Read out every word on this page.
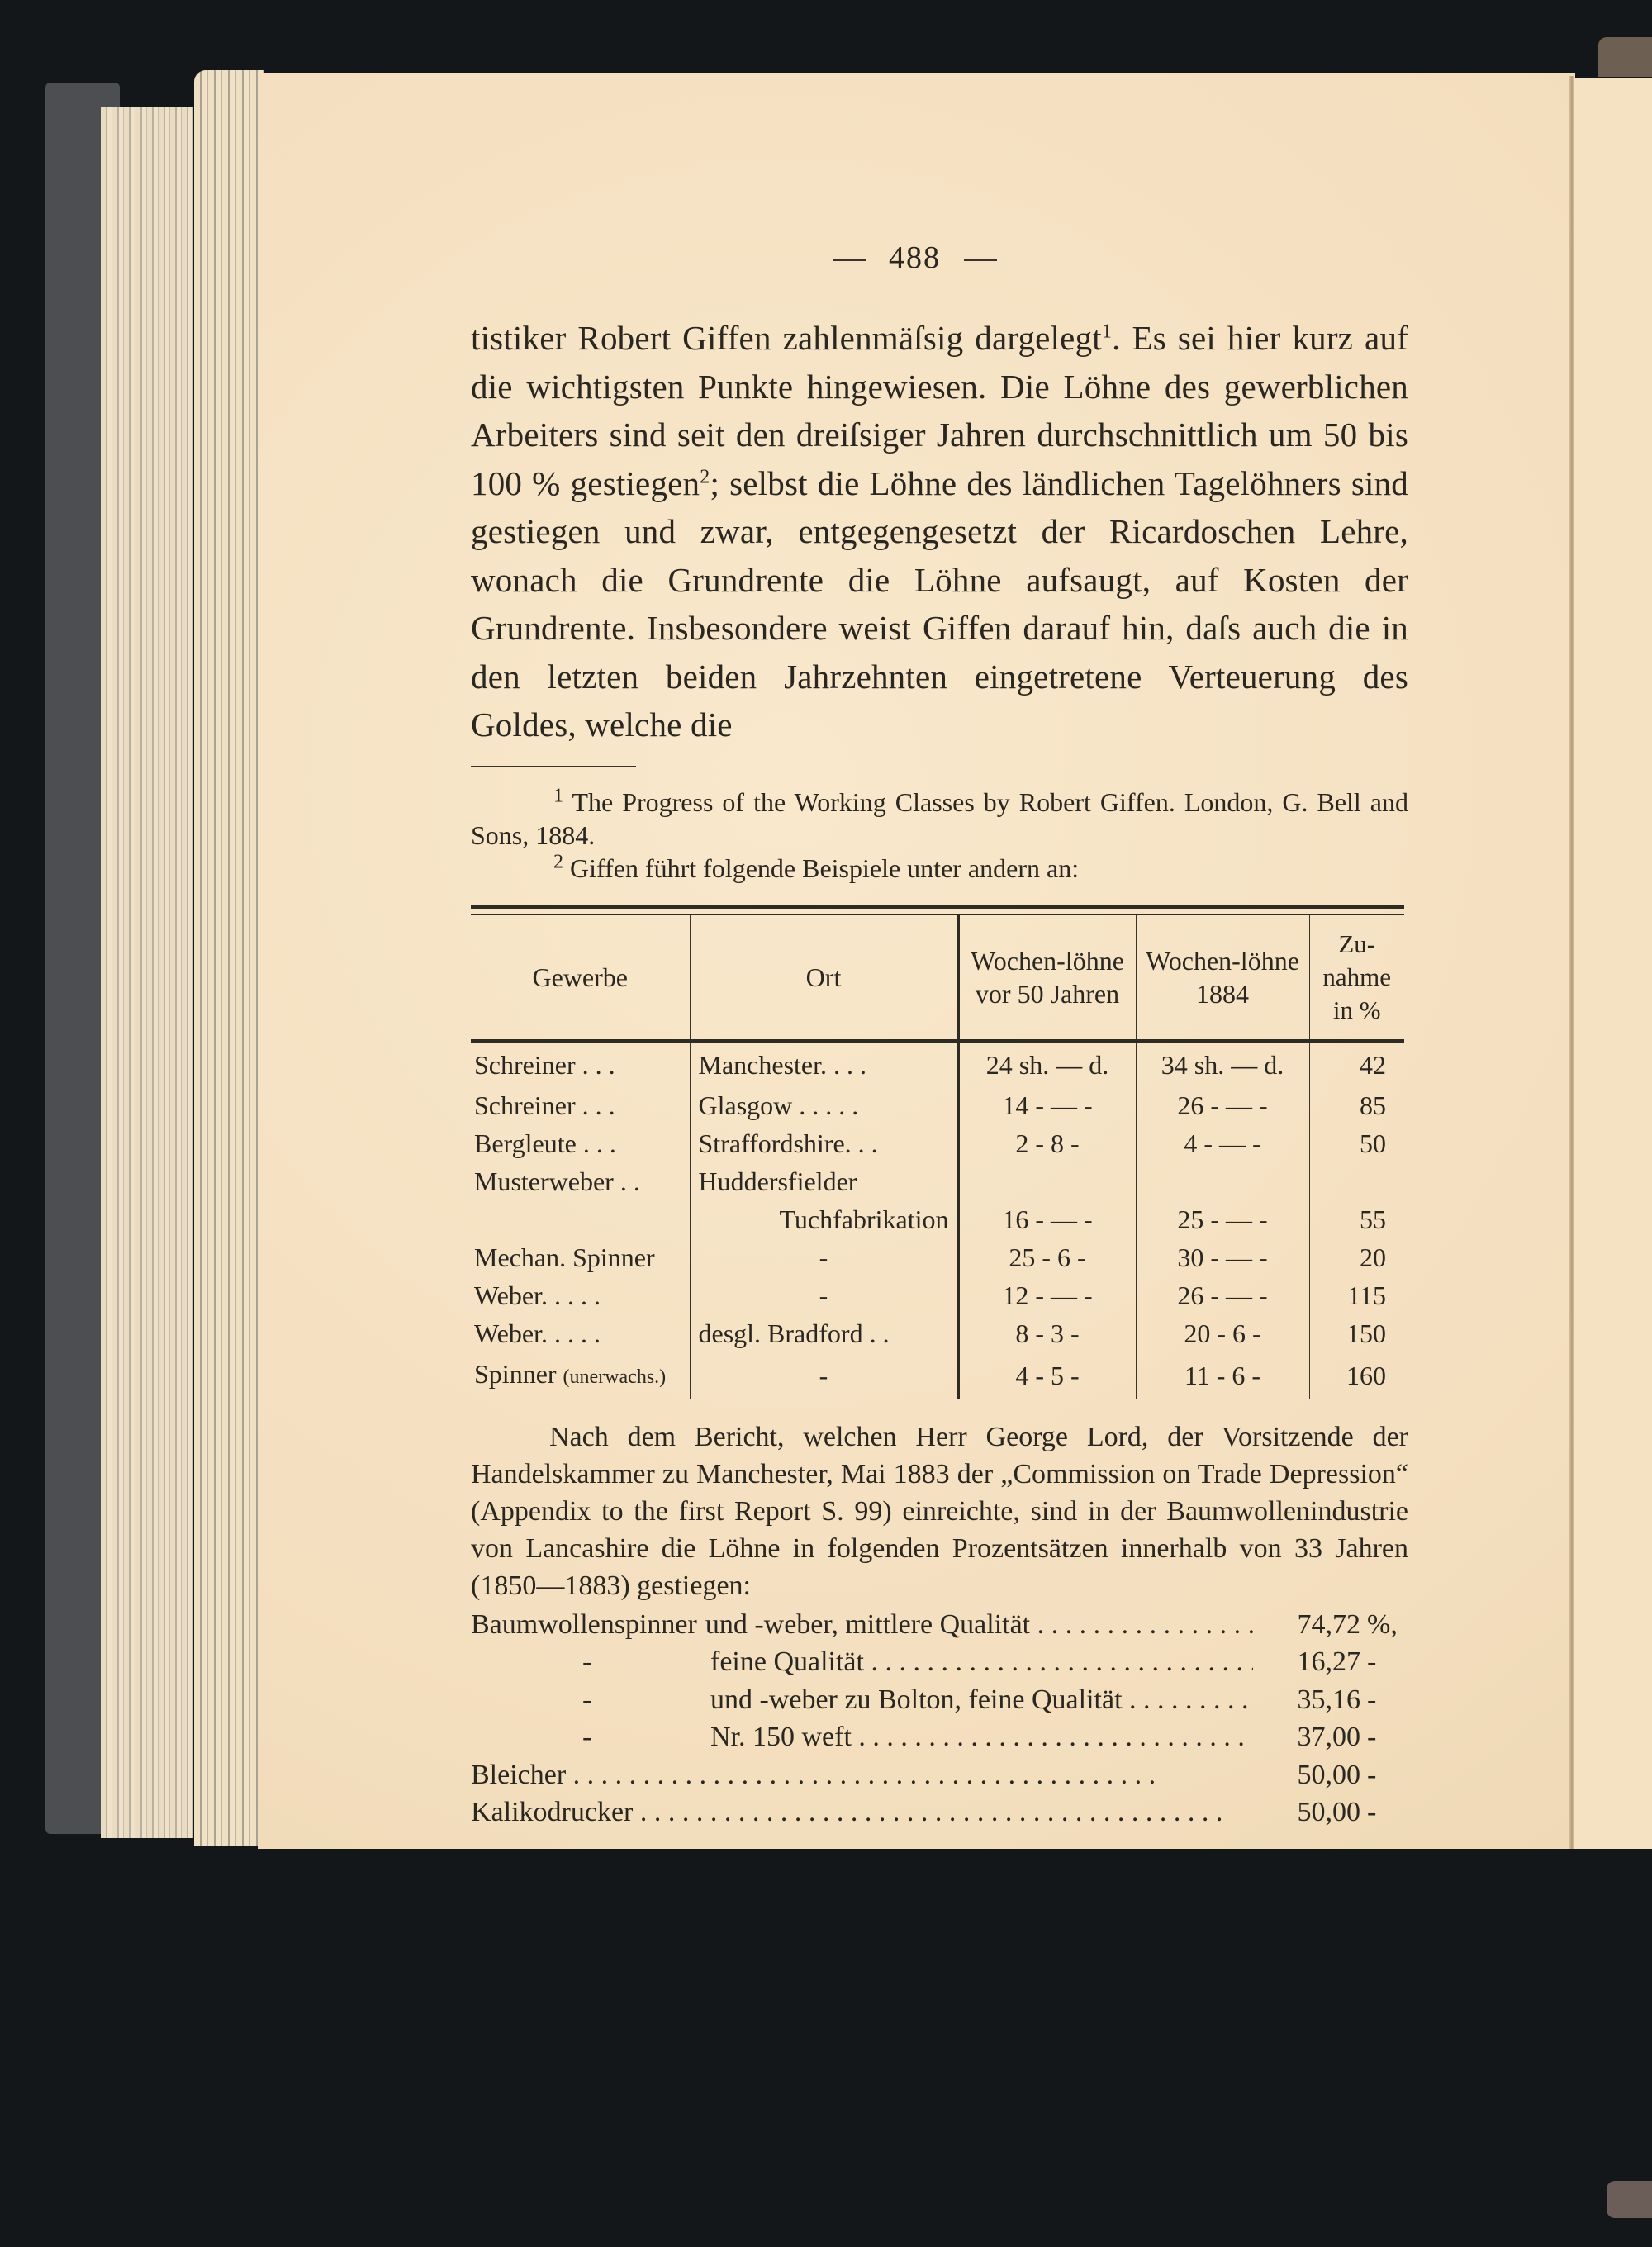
488

tistiker Robert Giffen zahlenmäſsig dargelegt$^1$. Es sei hier kurz auf die wichtigsten Punkte hingewiesen. Die Löhne des gewerblichen Arbeiters sind seit den dreiſsiger Jahren durchschnittlich um 50 bis 100 % gestiegen$^2$; selbst die Löhne des ländlichen Tagelöhners sind gestiegen und zwar, entgegengesetzt der Ricardoschen Lehre, wonach die Grundrente die Löhne aufsaugt, auf Kosten der Grundrente. Insbesondere weist Giffen darauf hin, daſs auch die in den letzten beiden Jahrzehnten eingetretene Verteuerung des Goldes, welche die

$^1$ The Progress of the Working Classes by Robert Giffen. London, G. Bell and Sons, 1884.

$^2$ Giffen führt folgende Beispiele unter andern an:

Gewerbe	Ort	Wochen-löhne vor 50 Jahren	Wochen-löhne 1884	Zu-nahme in %

Schreiner . . .	Manchester. . . .	24 sh. — d.	34 sh. — d.	42
Schreiner . . .	Glasgow . . . . .	14 - — -	26 - — -	85
Bergleute . . .	Straffordshire. . .	2 - 8 -	4 - — -	50
Musterweber . .	Huddersfielder			
	Tuchfabrikation	16 - — -	25 - — -	55
Mechan. Spinner	-	25 - 6 -	30 - — -	20
Weber. . . . .	-	12 - — -	26 - — -	115
Weber. . . . .	desgl. Bradford . .	8 - 3 -	20 - 6 -	150
Spinner (unerwachs.)	-	4 - 5 -	11 - 6 -	160

Nach dem Bericht, welchen Herr George Lord, der Vorsitzende der Handelskammer zu Manchester, Mai 1883 der „Commission on Trade Depression“ (Appendix to the first Report S. 99) einreichte, sind in der Baumwollenindustrie von Lancashire die Löhne in folgenden Prozentsätzen innerhalb von 33 Jahren (1850—1883) gestiegen:

Baumwollenspinner und -weber, mittlere Qualität . . .	74,72 %,
-	feine Qualität . . .	16,27 -
-	und -weber zu Bolton, feine Qualität . . .	35,16 -
-	Nr. 150 weft . . .	37,00 -
Bleicher . . .	50,00 -
Kalikodrucker . . .	50,00 -
